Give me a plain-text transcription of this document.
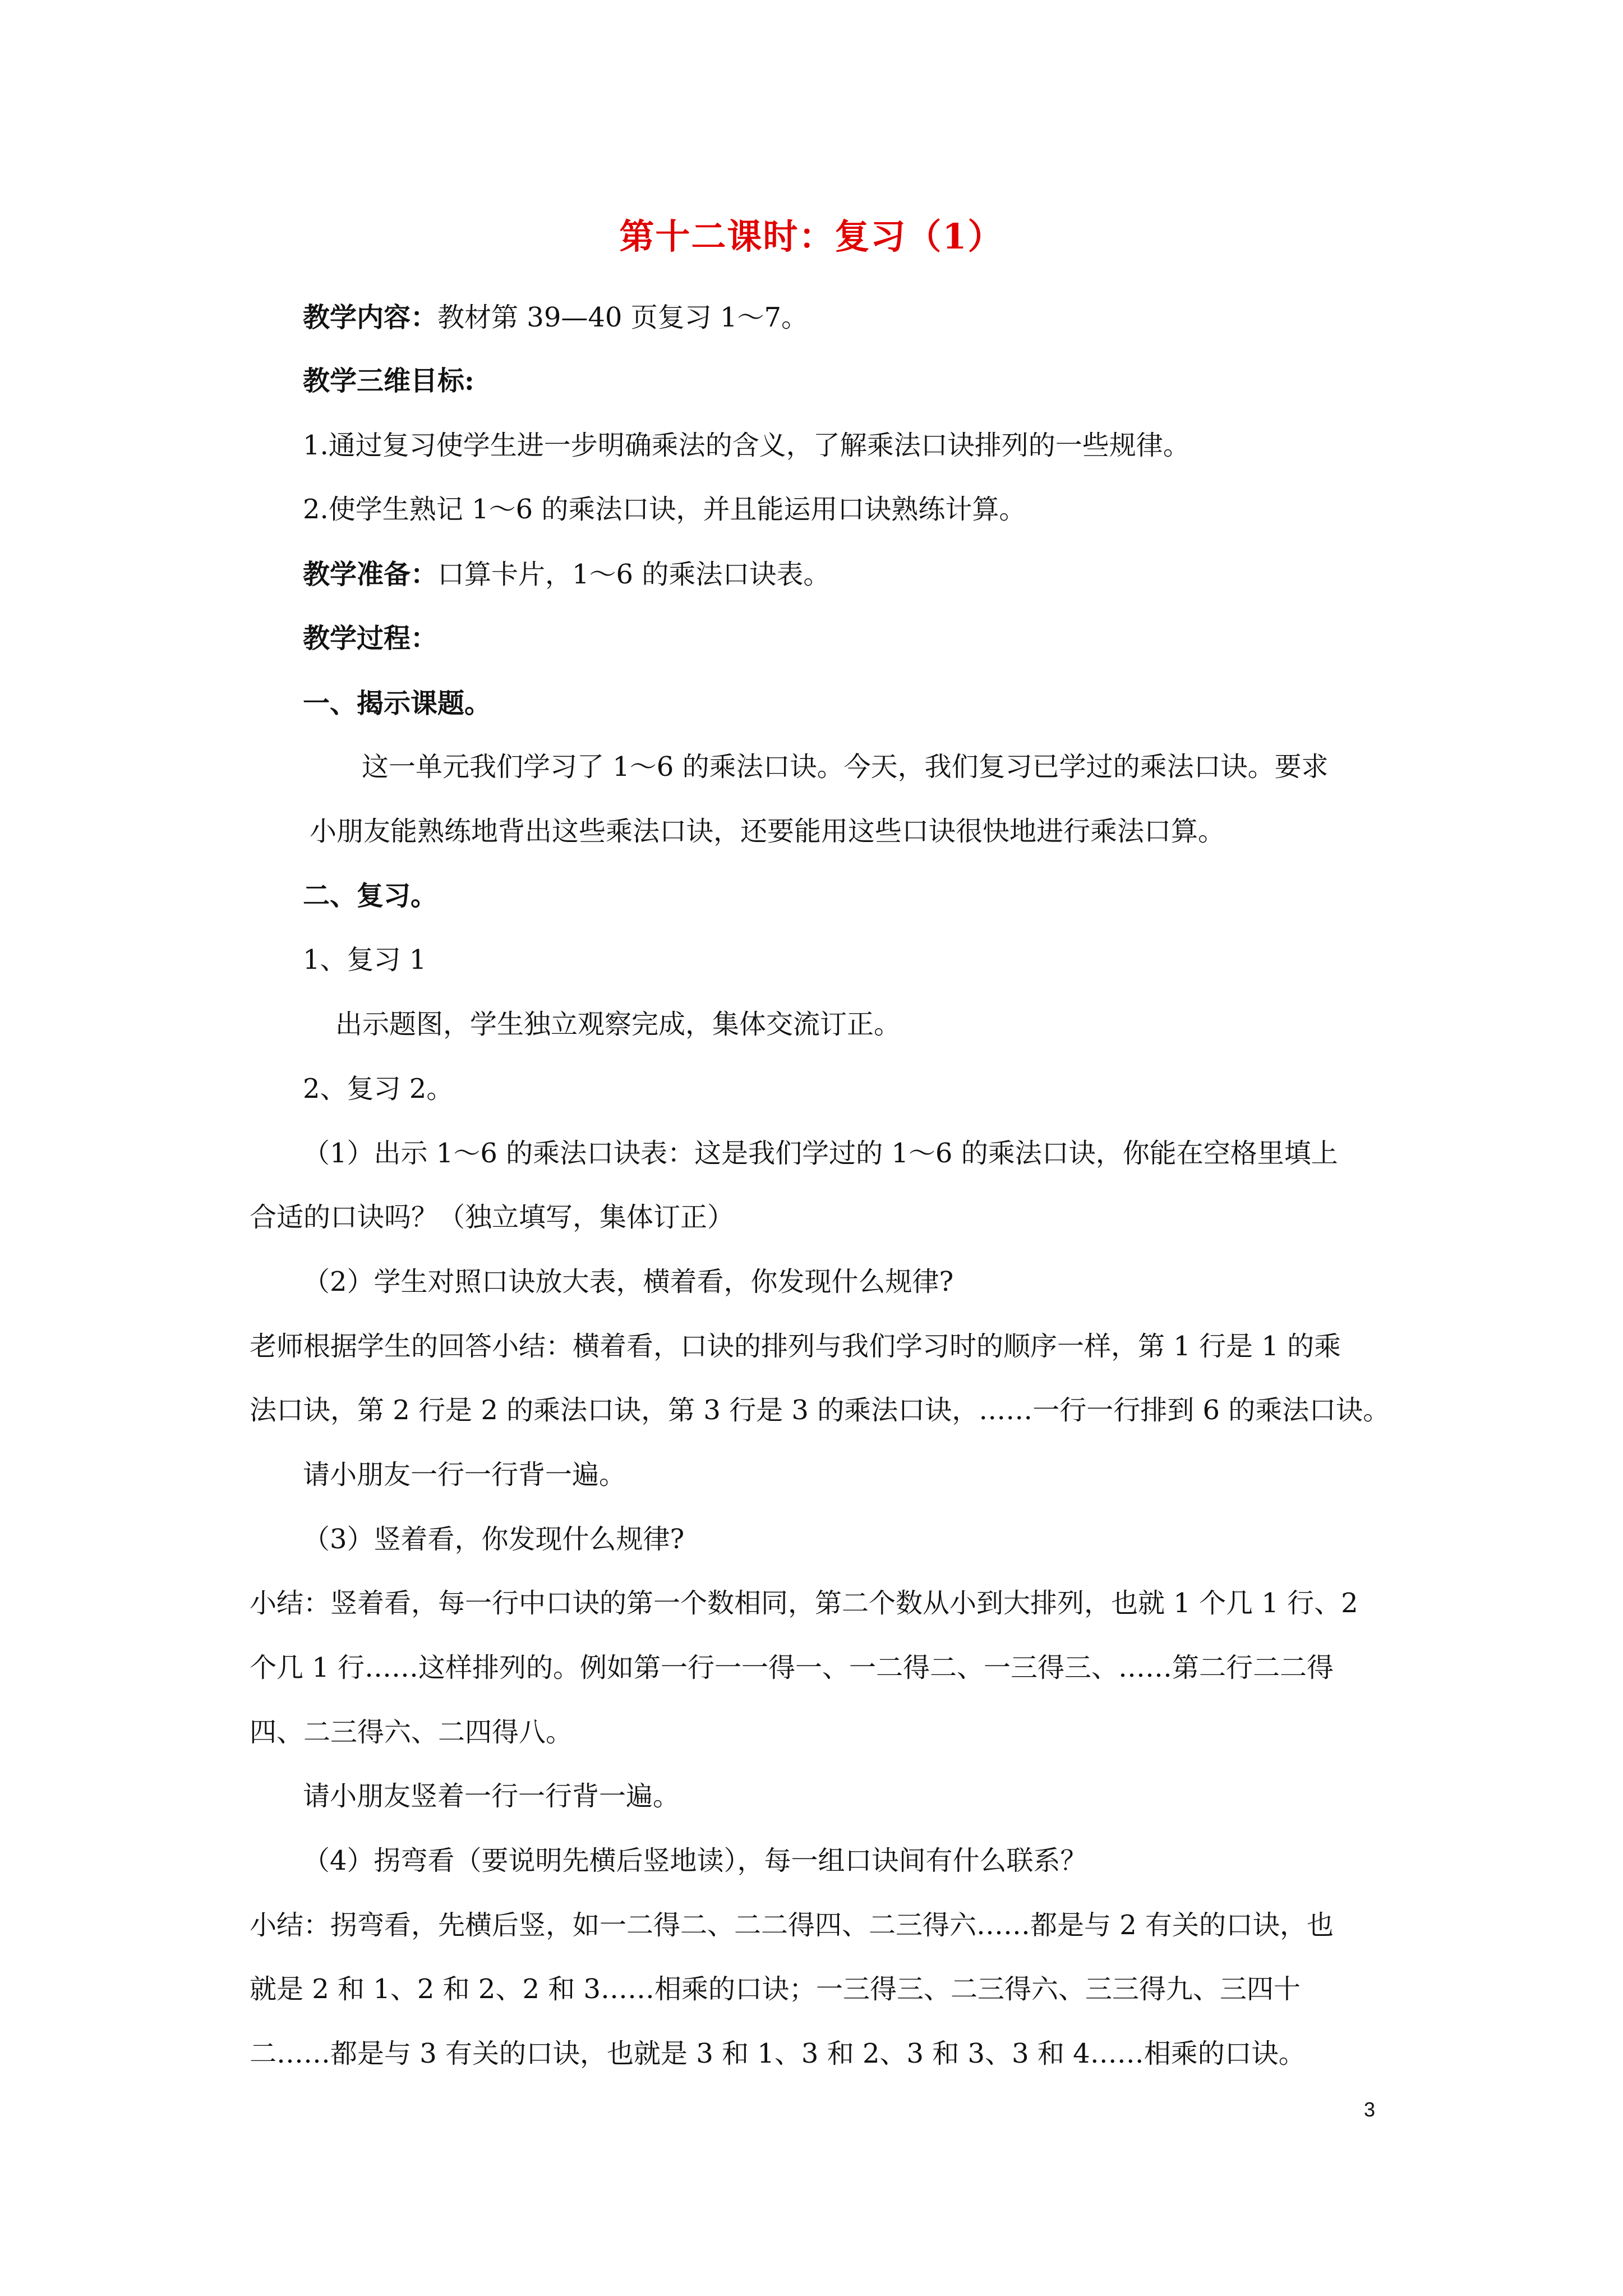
第十二课时：复习（1）
教学内容：教材第 39—40 页复习 1～7。
教学三维目标:
1.通过复习使学生进一步明确乘法的含义，了解乘法口诀排列的一些规律。
2.使学生熟记 1～6 的乘法口诀，并且能运用口诀熟练计算。
教学准备：口算卡片，1～6 的乘法口诀表。
教学过程：
一、揭示课题。
这一单元我们学习了 1～6 的乘法口诀。今天，我们复习已学过的乘法口诀。要求
小朋友能熟练地背出这些乘法口诀，还要能用这些口诀很快地进行乘法口算。
二、复习。
1、复习 1
出示题图，学生独立观察完成，集体交流订正。
2、复习 2。
（1）出示 1～6 的乘法口诀表：这是我们学过的 1～6 的乘法口诀，你能在空格里填上
合适的口诀吗？（独立填写，集体订正）
（2）学生对照口诀放大表，横着看，你发现什么规律?
老师根据学生的回答小结：横着看，口诀的排列与我们学习时的顺序一样，第 1 行是 1 的乘
法口诀，第 2 行是 2 的乘法口诀，第 3 行是 3 的乘法口诀，……一行一行排到 6 的乘法口诀。
请小朋友一行一行背一遍。
（3）竖着看，你发现什么规律?
小结：竖着看，每一行中口诀的第一个数相同，第二个数从小到大排列，也就 1 个几 1 行、2
个几 1 行……这样排列的。例如第一行一一得一、一二得二、一三得三、……第二行二二得
四、二三得六、二四得八。
请小朋友竖着一行一行背一遍。
（4）拐弯看（要说明先横后竖地读），每一组口诀间有什么联系？
小结：拐弯看，先横后竖，如一二得二、二二得四、二三得六……都是与 2 有关的口诀，也
就是 2 和 1、2 和 2、2 和 3……相乘的口诀；一三得三、二三得六、三三得九、三四十
二……都是与 3 有关的口诀，也就是 3 和 1、3 和 2、3 和 3、3 和 4……相乘的口诀。
3
